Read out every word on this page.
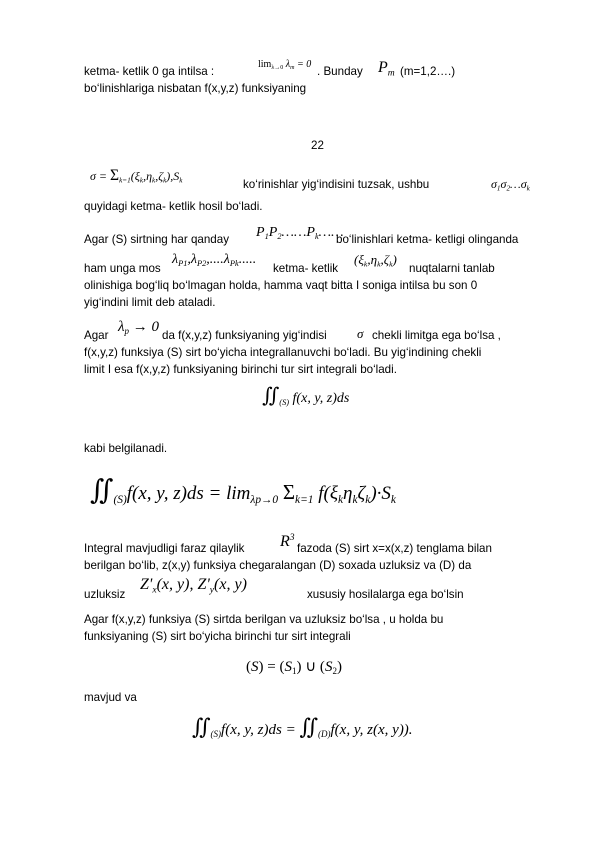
ketma- ketlik 0 ga intilsa :
$\lim_{\lambda\to 0} \lambda_m = 0$
. Bunday $P_m$ (m=1,2….)
bo‘linishlariga nisbatan f(x,y,z) funksiyaning
22
$\sigma = \Sigma_{k=1}(\xi_k,\eta_k,\zeta_k),S_k$	ko‘rinishlar yig‘indisini tuzsak, ushbu	$\sigma_1\sigma_2\dots\sigma_k$
quyidagi ketma- ketlik hosil bo‘ladi.
Agar (S) sirtning har qanday $P_1P_2\dots\dots P_k\dots\dots$
bo‘linishlari ketma- ketligi olinganda
ham unga mos
$\lambda_{P1},\lambda_{P2},....\lambda_{Pk}$.....
ketma- ketlik
$(\xi_k,\eta_k,\zeta_k)$
nuqtalarni tanlab
olinishiga bog‘liq bo‘lmagan holda, hamma vaqt bitta I soniga intilsa bu son 0
yig‘indini limit deb ataladi.
Agar
$\lambda_p \to 0$
da f(x,y,z) funksiyaning yig‘indisi σ chekli limitga ega bo‘lsa ,
f(x,y,z) funksiya (S) sirt bo‘yicha integrallanuvchi bo‘ladi. Bu yig‘indining chekli
limit I esa f(x,y,z) funksiyaning birinchi tur sirt integrali bo‘ladi.
$∬_{(S)}$ f(x, y, z)ds
kabi belgilanadi.
$∬_{(S)}f(x$, y, $z)ds = \lim_{\lambda p\to 0} \Sigma_{k=1}$ $f(\xi_k\eta_k\zeta_k)\cdot S_k$
Integral mavjudligi faraz qilaylik $R^3$
fazoda (S) sirt x=x(x,z) tenglama bilan
berilgan bo‘lib, z(x,y) funksiya chegaralangan (D) soxada uzluksiz va (D) da
uzluksiz
$Z'_x(x$, y), $Z'_y(x$, y)
xususiy hosilalarga ega bo‘lsin
Agar f(x,y,z) funksiya (S) sirtda berilgan va uzluksiz bo‘lsa , u holda bu
funksiyaning (S) sirt bo‘yicha birinchi tur sirt integrali
$(S) = (S_1)$ ∪ $(S_2)$
mavjud va
$∬_{(S)}f(x$, y, $z)ds = ∬_{(D)}f(x$, y, z(x, y)).
